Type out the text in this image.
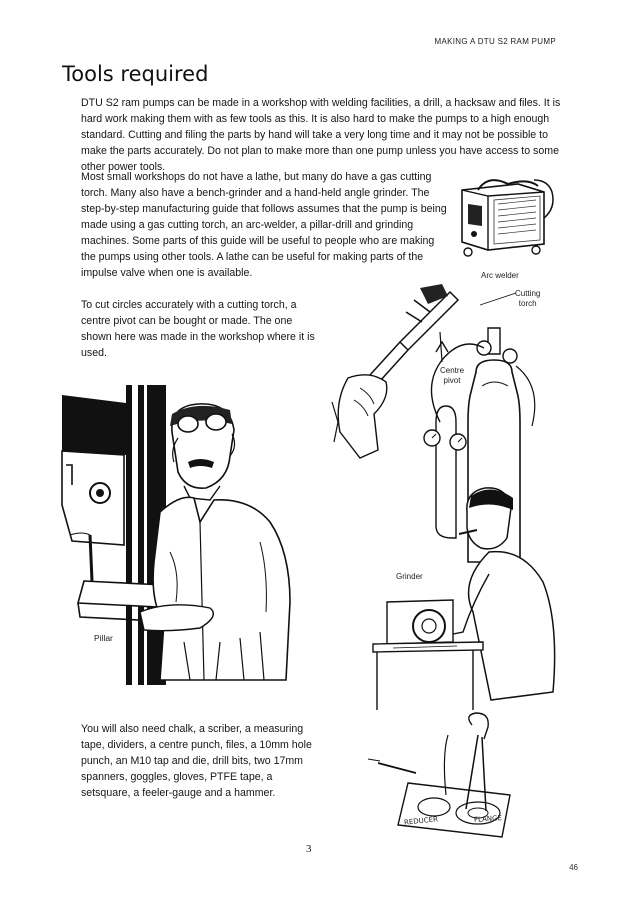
MAKING A DTU S2 RAM PUMP
Tools required

DTU S2 ram pumps can be made in a workshop with welding facilities, a drill, a hacksaw and files. It is hard work making them with as few tools as this. It is also hard to make the pumps to a high enough standard. Cutting and filing the parts by hand will take a very long time and it may not be possible to make the parts accurately. Do not plan to make more than one pump unless you have access to some other power tools.

Most small workshops do not have a lathe, but many do have a gas cutting torch. Many also have a bench-grinder and a hand-held angle grinder. The step-by-step manufacturing guide that follows assumes that the pump is being made using a gas cutting torch, an arc-welder, a pillar-drill and grinding machines. Some parts of this guide will be useful to people who are making the pumps using other tools. A lathe can be useful for making parts of the impulse valve when one is available.

To cut circles accurately with a cutting torch, a centre pivot can be bought or made. The one shown here was made in the workshop where it is used.

You will also need chalk, a scriber, a measuring tape, dividers, a centre punch, files, a 10mm hole punch, an M10 tap and die, drill bits, two 17mm spanners, goggles, gloves, PTFE tape, a setsquare, a feeler-gauge and a hammer.

Arc welder
Cutting
torch
Centre
pivot
Pillar
Grinder
REDUCER	FLANGE
3
46
